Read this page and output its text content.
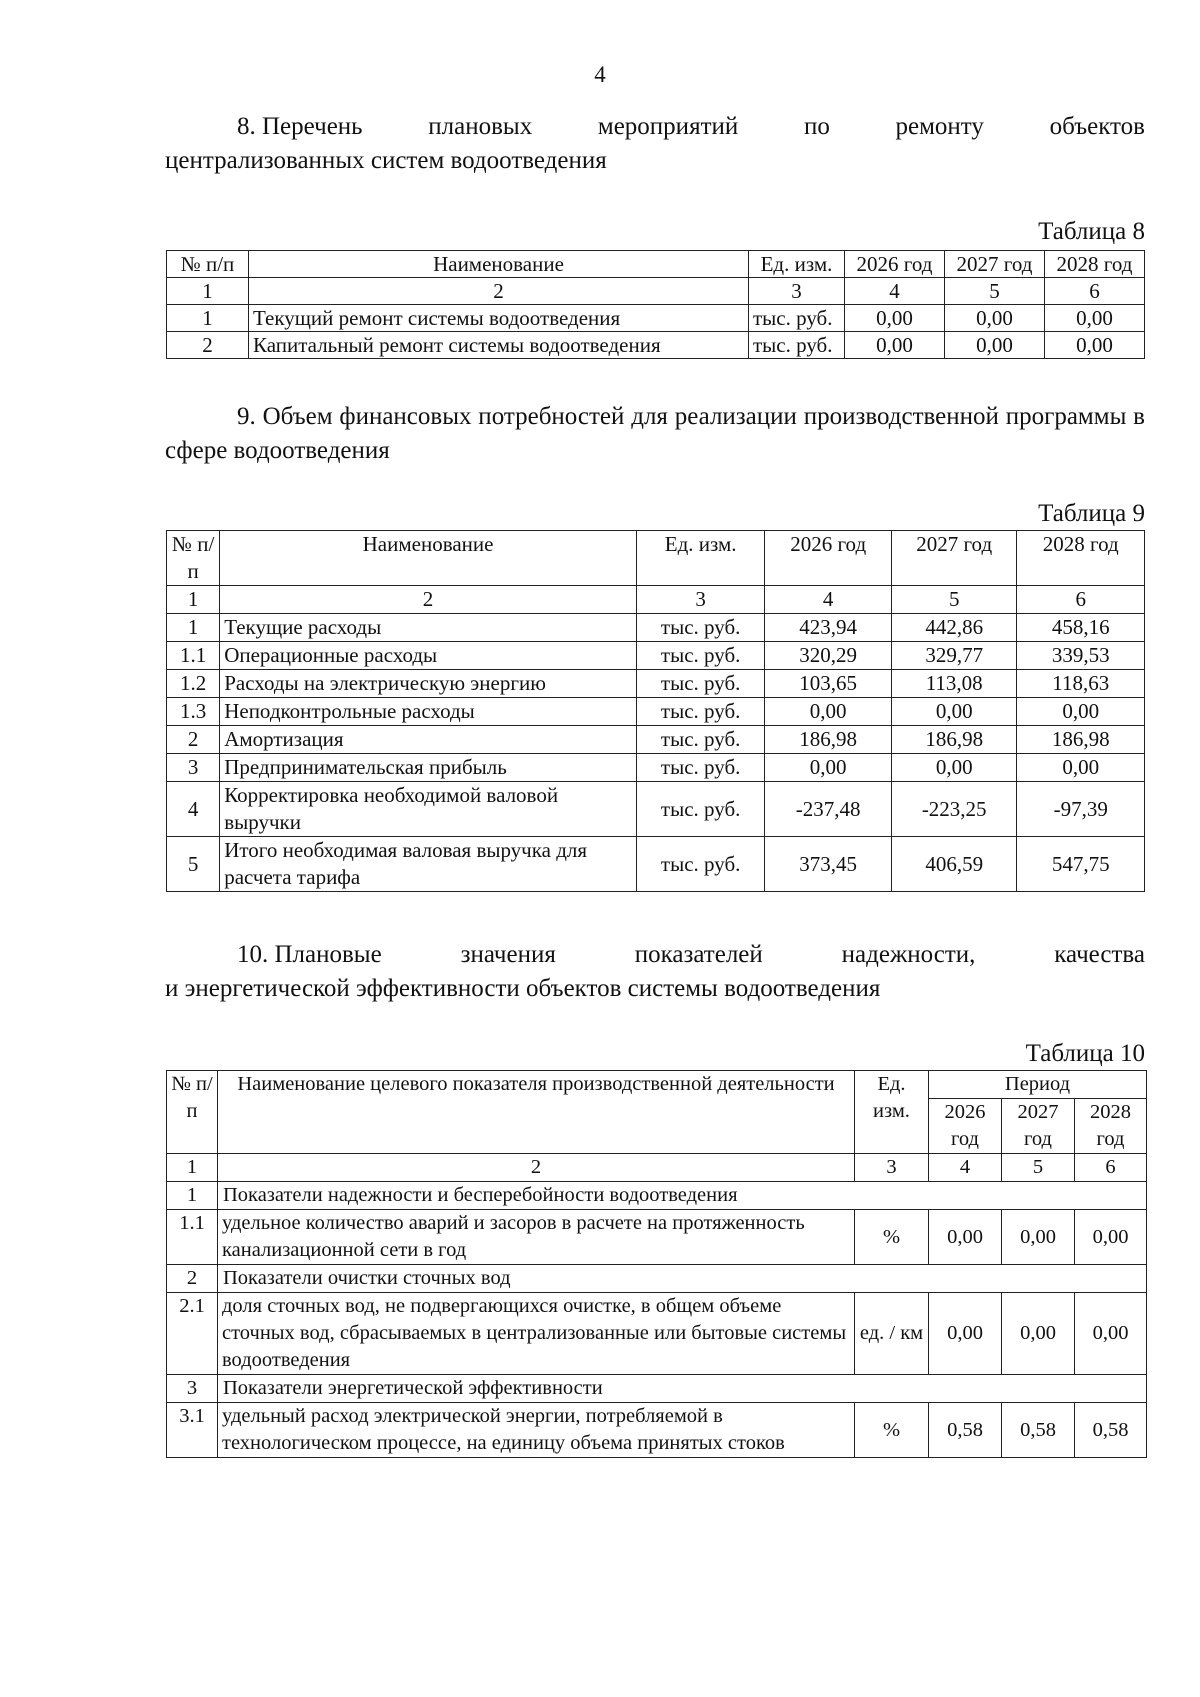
4
8. Перечень	плановых	мероприятий	по	ремонту	объектов
централизованных систем водоотведения
Таблица 8
№ п/п	Наименование	Ед. изм.	2026 год	2027 год	2028 год
1	2	3	4	5	6
1	Текущий ремонт системы водоотведения	тыс. руб.	0,00	0,00	0,00
2	Капитальный ремонт системы водоотведения	тыс. руб.	0,00	0,00	0,00
9. Объем финансовых потребностей для реализации производственной программы в сфере водоотведения
Таблица 9
№ п/п	Наименование	Ед. изм.	2026 год	2027 год	2028 год
1	2	3	4	5	6
1	Текущие расходы	тыс. руб.	423,94	442,86	458,16
1.1	Операционные расходы	тыс. руб.	320,29	329,77	339,53
1.2	Расходы на электрическую энергию	тыс. руб.	103,65	113,08	118,63
1.3	Неподконтрольные расходы	тыс. руб.	0,00	0,00	0,00
2	Амортизация	тыс. руб.	186,98	186,98	186,98
3	Предпринимательская прибыль	тыс. руб.	0,00	0,00	0,00
4	Корректировка необходимой валовой выручки	тыс. руб.	-237,48	-223,25	-97,39
5	Итого необходимая валовая выручка для расчета тарифа	тыс. руб.	373,45	406,59	547,75
10. Плановые	значения	показателей	надежности,	качества
и энергетической эффективности объектов системы водоотведения
Таблица 10
№ п/п	Наименование целевого показателя производственной деятельности	Ед. изм.	Период		
			2026 год	2027 год	2028 год
1	2	3	4	5	6
1	Показатели надежности и бесперебойности водоотведения				
1.1	удельное количество аварий и засоров в расчете на протяженность канализационной сети в год	%	0,00	0,00	0,00
2	Показатели очистки сточных вод				
2.1	доля сточных вод, не подвергающихся очистке, в общем объеме сточных вод, сбрасываемых в централизованные или бытовые системы водоотведения	ед. / км	0,00	0,00	0,00
3	Показатели энергетической эффективности				
3.1	удельный расход электрической энергии, потребляемой в технологическом процессе, на единицу объема принятых стоков	%	0,58	0,58	0,58
